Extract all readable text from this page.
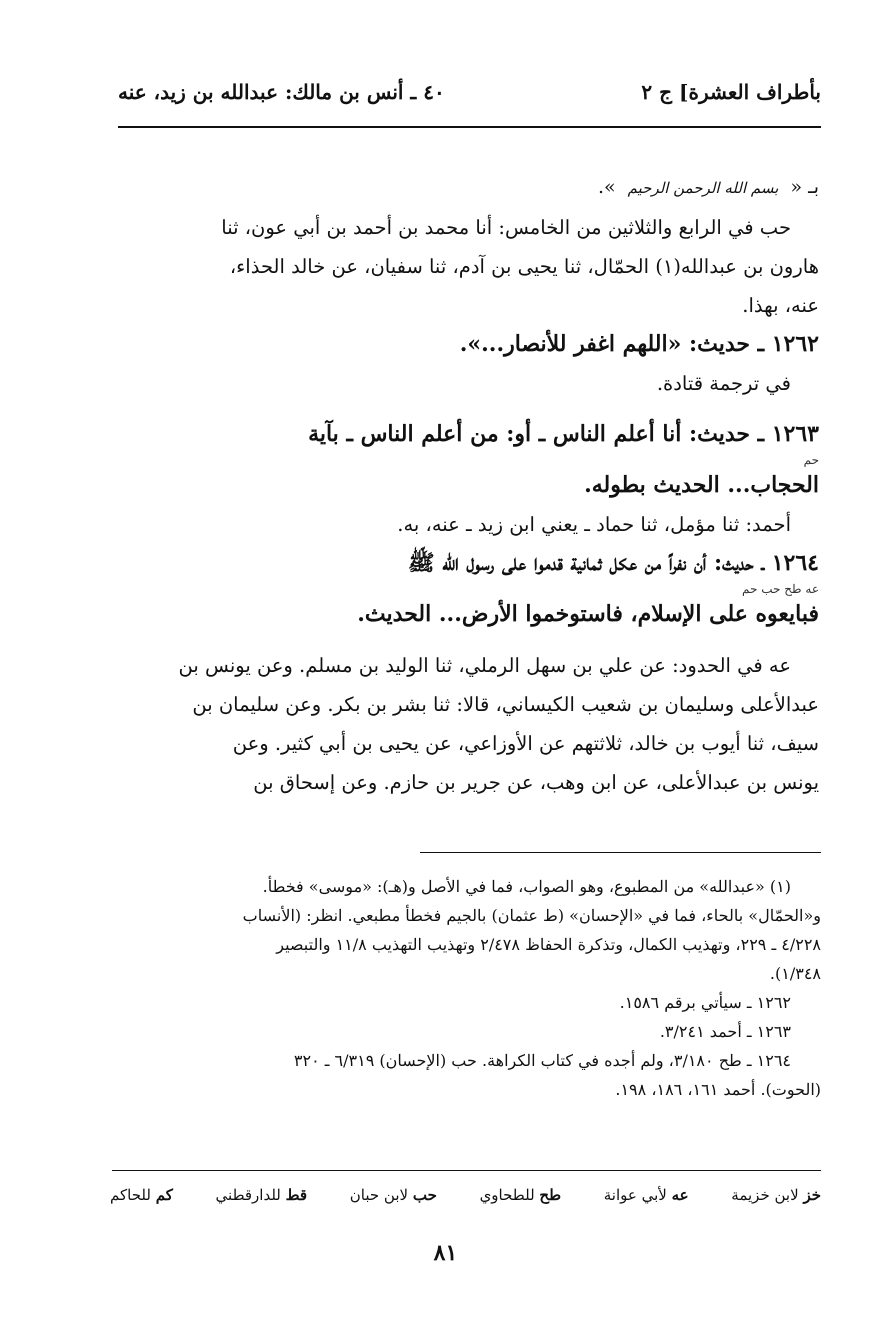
بأطراف العشرة] ج ٢
٤٠ ـ أنس بن مالك: عبدالله بن زيد، عنه
بـ « بسم الله الرحمن الرحيم ».
حب في الرابع والثلاثين من الخامس: أنا محمد بن أحمد بن أبي عون، ثنا
هارون بن عبدالله(١) الحمّال، ثنا يحيى بن آدم، ثنا سفيان، عن خالد الحذاء،
عنه، بهذا.
١٢٦٢ ـ حديث: «اللهم اغفر للأنصار...».
في ترجمة قتادة.
١٢٦٣ ـ حديث: أنا أعلم الناس ـ أو: من أعلم الناس ـ بآية
حم
الحجاب... الحديث بطوله.
أحمد: ثنا مؤمل، ثنا حماد ـ يعني ابن زيد ـ عنه، به.
١٢٦٤ ـ حديث: أن نفراً من عكل ثمانية قدموا على رسول الله ﷺ
عه طح حب حم
فبايعوه على الإسلام، فاستوخموا الأرض... الحديث.
عه في الحدود: عن علي بن سهل الرملي، ثنا الوليد بن مسلم. وعن يونس بن
عبدالأعلى وسليمان بن شعيب الكيساني، قالا: ثنا بشر بن بكر. وعن سليمان بن
سيف، ثنا أيوب بن خالد، ثلاثتهم عن الأوزاعي، عن يحيى بن أبي كثير. وعن
يونس بن عبدالأعلى، عن ابن وهب، عن جرير بن حازم. وعن إسحاق بن
(١) «عبدالله» من المطبوع، وهو الصواب، فما في الأصل و(هـ): «موسى» فخطأ.
و«الحمّال» بالحاء، فما في «الإحسان» (ط عثمان) بالجيم فخطأ مطبعي. انظر: (الأنساب
٤/٢٢٨ ـ ٢٢٩، وتهذيب الكمال، وتذكرة الحفاظ ٢/٤٧٨ وتهذيب التهذيب ١١/٨ والتبصير
١/٣٤٨).
١٢٦٢ ـ سيأتي برقم ١٥٨٦.
١٢٦٣ ـ أحمد ٣/٢٤١.
١٢٦٤ ـ طح ٣/١٨٠، ولم أجده في كتاب الكراهة. حب (الإحسان) ٦/٣١٩ ـ ٣٢٠
(الحوت). أحمد ١٦١، ١٨٦، ١٩٨.
خز لابن خزيمة
عه لأبي عوانة
طح للطحاوي
حب لابن حبان
قط للدارقطني
كم للحاكم
٨١
